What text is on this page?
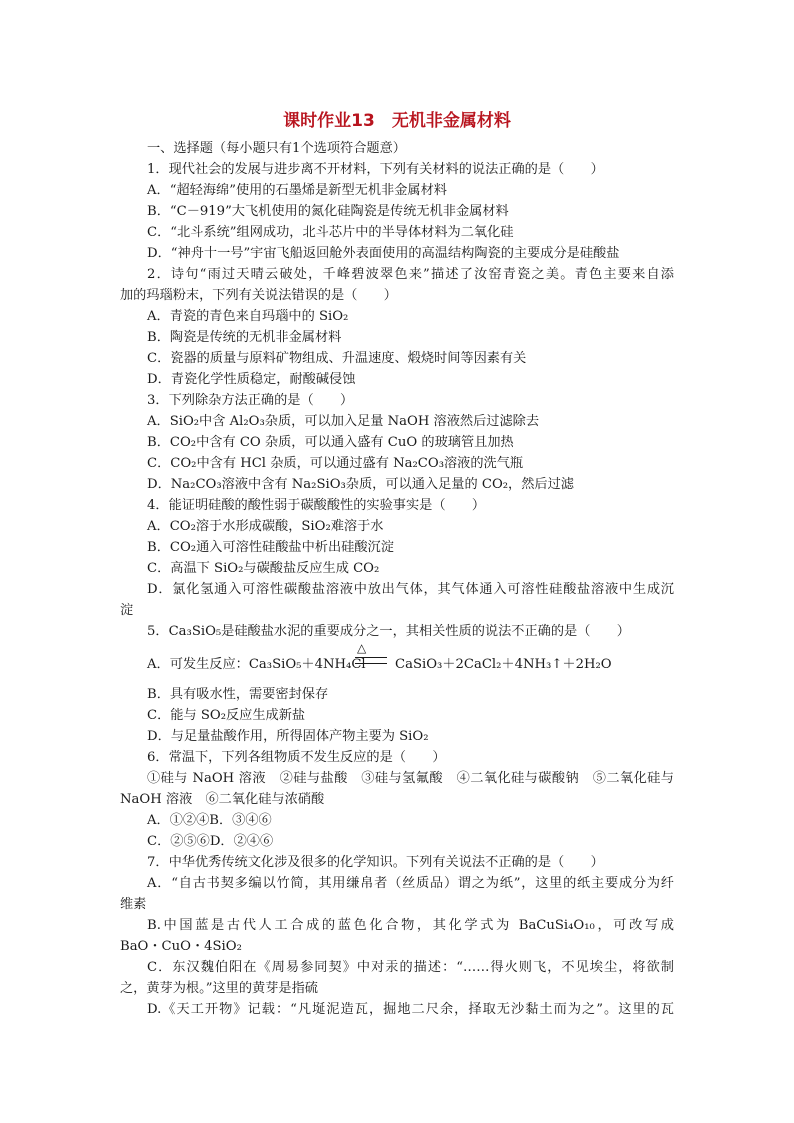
课时作业13　无机非金属材料
一、选择题（每小题只有1个选项符合题意）
1．现代社会的发展与进步离不开材料，下列有关材料的说法正确的是（　　）
A．“超轻海绵”使用的石墨烯是新型无机非金属材料
B．“C－919”大飞机使用的氮化硅陶瓷是传统无机非金属材料
C．“北斗系统”组网成功，北斗芯片中的半导体材料为二氧化硅
D．“神舟十一号”宇宙飞船返回舱外表面使用的高温结构陶瓷的主要成分是硅酸盐
2．诗句“雨过天晴云破处，千峰碧波翠色来”描述了汝窑青瓷之美。青色主要来自添
加的玛瑙粉末，下列有关说法错误的是（　　）
A．青瓷的青色来自玛瑙中的 SiO₂
B．陶瓷是传统的无机非金属材料
C．瓷器的质量与原料矿物组成、升温速度、煅烧时间等因素有关
D．青瓷化学性质稳定，耐酸碱侵蚀
3．下列除杂方法正确的是（　　）
A．SiO₂中含 Al₂O₃杂质，可以加入足量 NaOH 溶液然后过滤除去
B．CO₂中含有 CO 杂质，可以通入盛有 CuO 的玻璃管且加热
C．CO₂中含有 HCl 杂质，可以通过盛有 Na₂CO₃溶液的洗气瓶
D．Na₂CO₃溶液中含有 Na₂SiO₃杂质，可以通入足量的 CO₂，然后过滤
4．能证明硅酸的酸性弱于碳酸酸性的实验事实是（　　）
A．CO₂溶于水形成碳酸，SiO₂难溶于水
B．CO₂通入可溶性硅酸盐中析出硅酸沉淀
C．高温下 SiO₂与碳酸盐反应生成 CO₂
D．氯化氢通入可溶性碳酸盐溶液中放出气体，其气体通入可溶性硅酸盐溶液中生成沉
淀
5．Ca₃SiO₅是硅酸盐水泥的重要成分之一，其相关性质的说法不正确的是（　　）
A．可发生反应：Ca₃SiO₅＋4NH₄Cl
△
CaSiO₃＋2CaCl₂＋4NH₃↑＋2H₂O
B．具有吸水性，需要密封保存
C．能与 SO₂反应生成新盐
D．与足量盐酸作用，所得固体产物主要为 SiO₂
6．常温下，下列各组物质不发生反应的是（　　）
①硅与 NaOH 溶液　②硅与盐酸　③硅与氢氟酸　④二氧化硅与碳酸钠　⑤二氧化硅与
NaOH 溶液　⑥二氧化硅与浓硝酸
A．①②④B．③④⑥
C．②⑤⑥D．②④⑥
7．中华优秀传统文化涉及很多的化学知识。下列有关说法不正确的是（　　）
A．“自古书契多编以竹简，其用缣帛者（丝质品）谓之为纸”，这里的纸主要成分为纤
维素
B.中国蓝是古代人工合成的蓝色化合物，其化学式为 BaCuSi₄O₁₀，可改写成
BaO・CuO・4SiO₂
C．东汉魏伯阳在《周易参同契》中对汞的描述：“……得火则飞，不见埃尘，将欲制
之，黄芽为根。”这里的黄芽是指硫
D.《天工开物》记载：“凡埏泥造瓦，掘地二尺余，择取无沙黏土而为之”。这里的瓦
